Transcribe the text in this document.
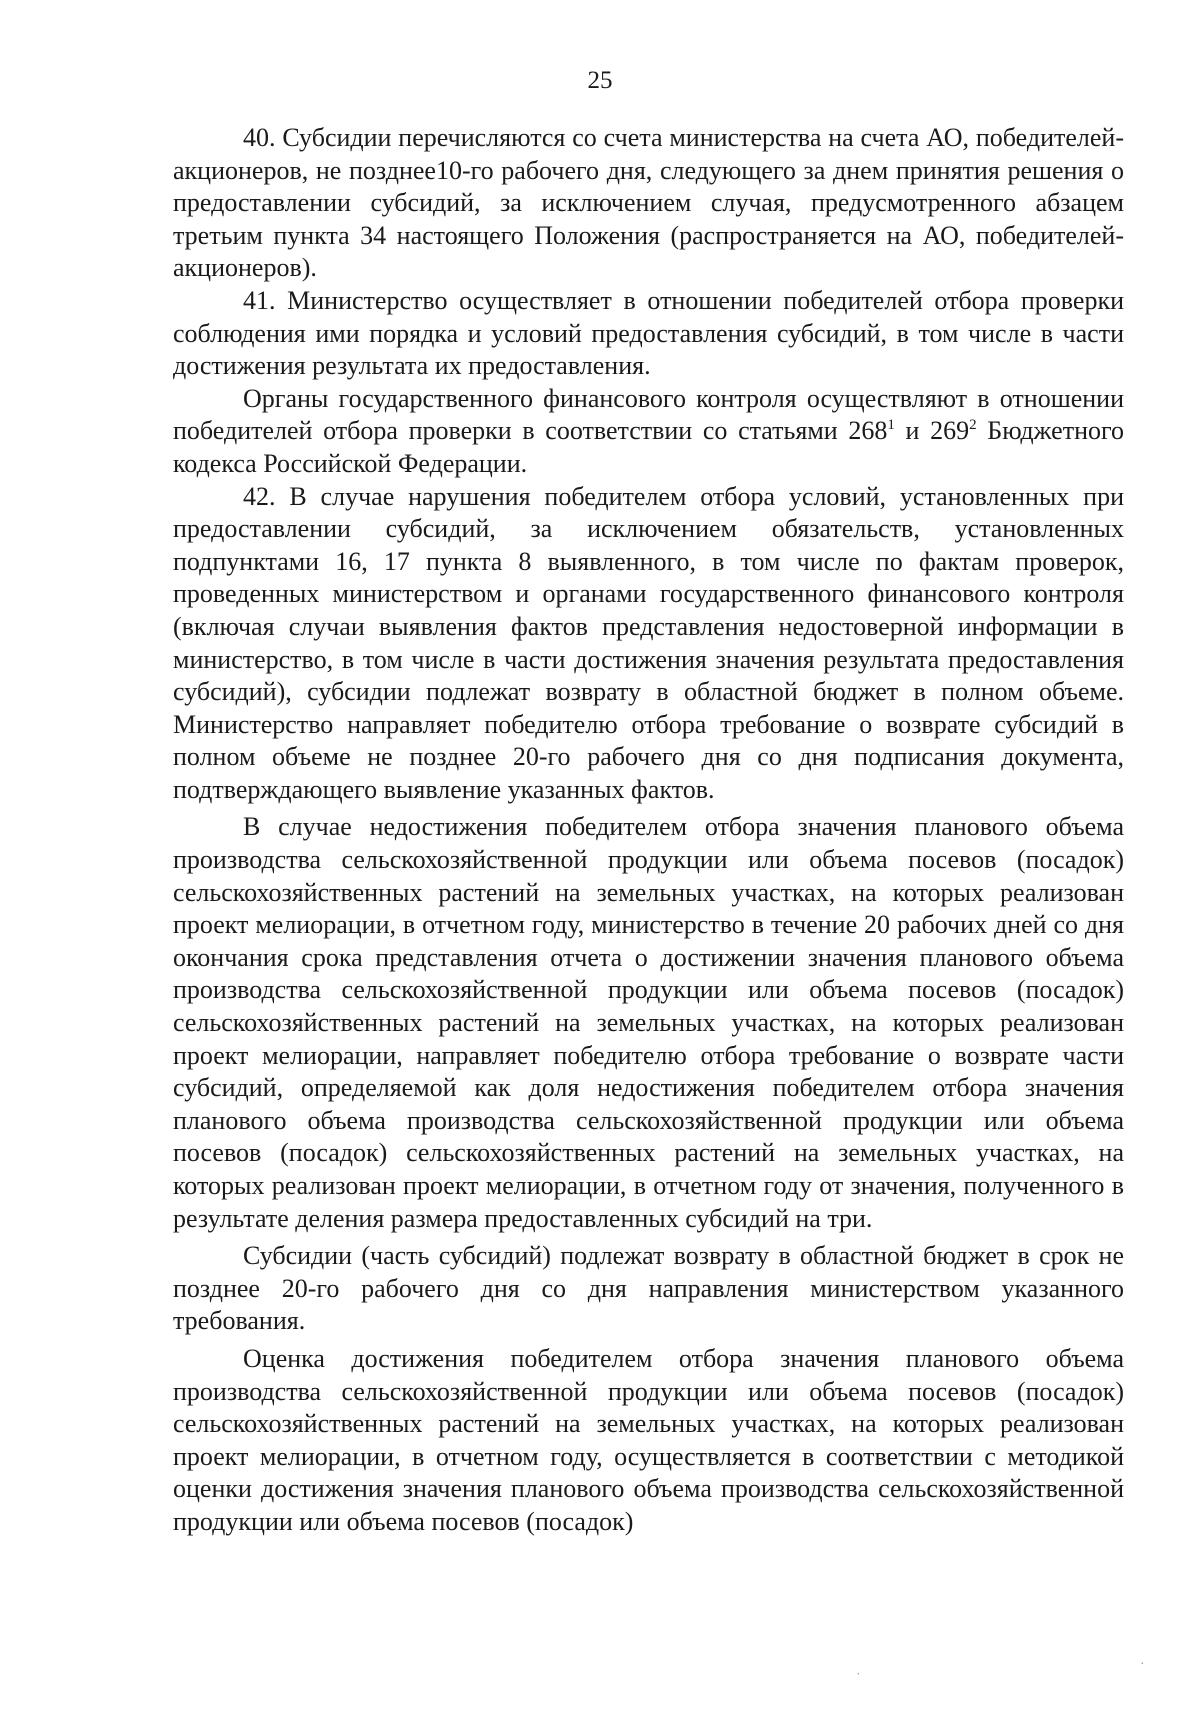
25

40. Субсидии перечисляются со счета министерства на счета АО, победителей-акционеров, не позднее10-го рабочего дня, следующего за днем принятия решения о предоставлении субсидий, за исключением случая, предусмотренного абзацем третьим пункта 34 настоящего Положения (распространяется на АО, победителей-акционеров).

41. Министерство осуществляет в отношении победителей отбора проверки соблюдения ими порядка и условий предоставления субсидий, в том числе в части достижения результата их предоставления.

Органы государственного финансового контроля осуществляют в отношении победителей отбора проверки в соответствии со статьями $268^1$ и $269^2$ Бюджетного кодекса Российской Федерации.

42. В случае нарушения победителем отбора условий, установленных при предоставлении субсидий, за исключением обязательств, установленных подпунктами 16, 17 пункта 8 выявленного, в том числе по фактам проверок, проведенных министерством и органами государственного финансового контроля (включая случаи выявления фактов представления недостоверной информации в министерство, в том числе в части достижения значения результата предоставления субсидий), субсидии подлежат возврату в областной бюджет в полном объеме. Министерство направляет победителю отбора требование о возврате субсидий в полном объеме не позднее 20-го рабочего дня со дня подписания документа, подтверждающего выявление указанных фактов.

В случае недостижения победителем отбора значения планового объема производства сельскохозяйственной продукции или объема посевов (посадок) сельскохозяйственных растений на земельных участках, на которых реализован проект мелиорации, в отчетном году, министерство в течение 20 рабочих дней со дня окончания срока представления отчета о достижении значения планового объема производства сельскохозяйственной продукции или объема посевов (посадок) сельскохозяйственных растений на земельных участках, на которых реализован проект мелиорации, направляет победителю отбора требование о возврате части субсидий, определяемой как доля недостижения победителем отбора значения планового объема производства сельскохозяйственной продукции или объема посевов (посадок) сельскохозяйственных растений на земельных участках, на которых реализован проект мелиорации, в отчетном году от значения, полученного в результате деления размера предоставленных субсидий на три.

Субсидии (часть субсидий) подлежат возврату в областной бюджет в срок не позднее 20-го рабочего дня со дня направления министерством указанного требования.

Оценка достижения победителем отбора значения планового объема производства сельскохозяйственной продукции или объема посевов (посадок) сельскохозяйственных растений на земельных участках, на которых реализован проект мелиорации, в отчетном году, осуществляется в соответствии с методикой оценки достижения значения планового объема производства сельскохозяйственной продукции или объема посевов (посадок)

˙
·
